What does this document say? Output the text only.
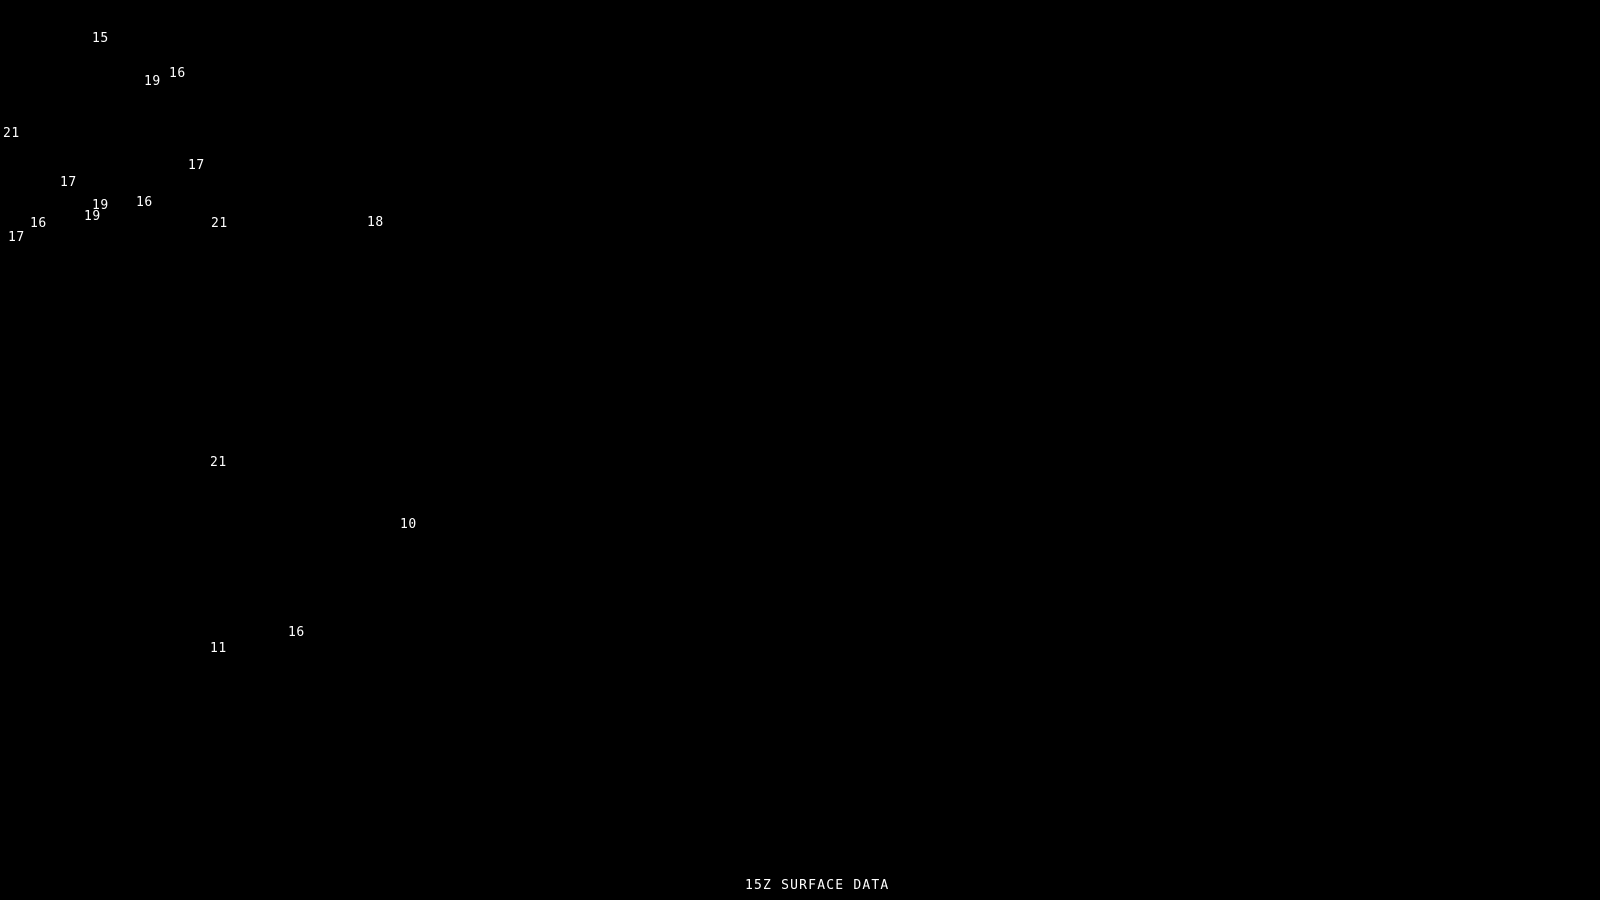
15Z SURFACE DATA
15
19
16
21
17
17
19 16
16	19	21	18
17
21
10
16
11
